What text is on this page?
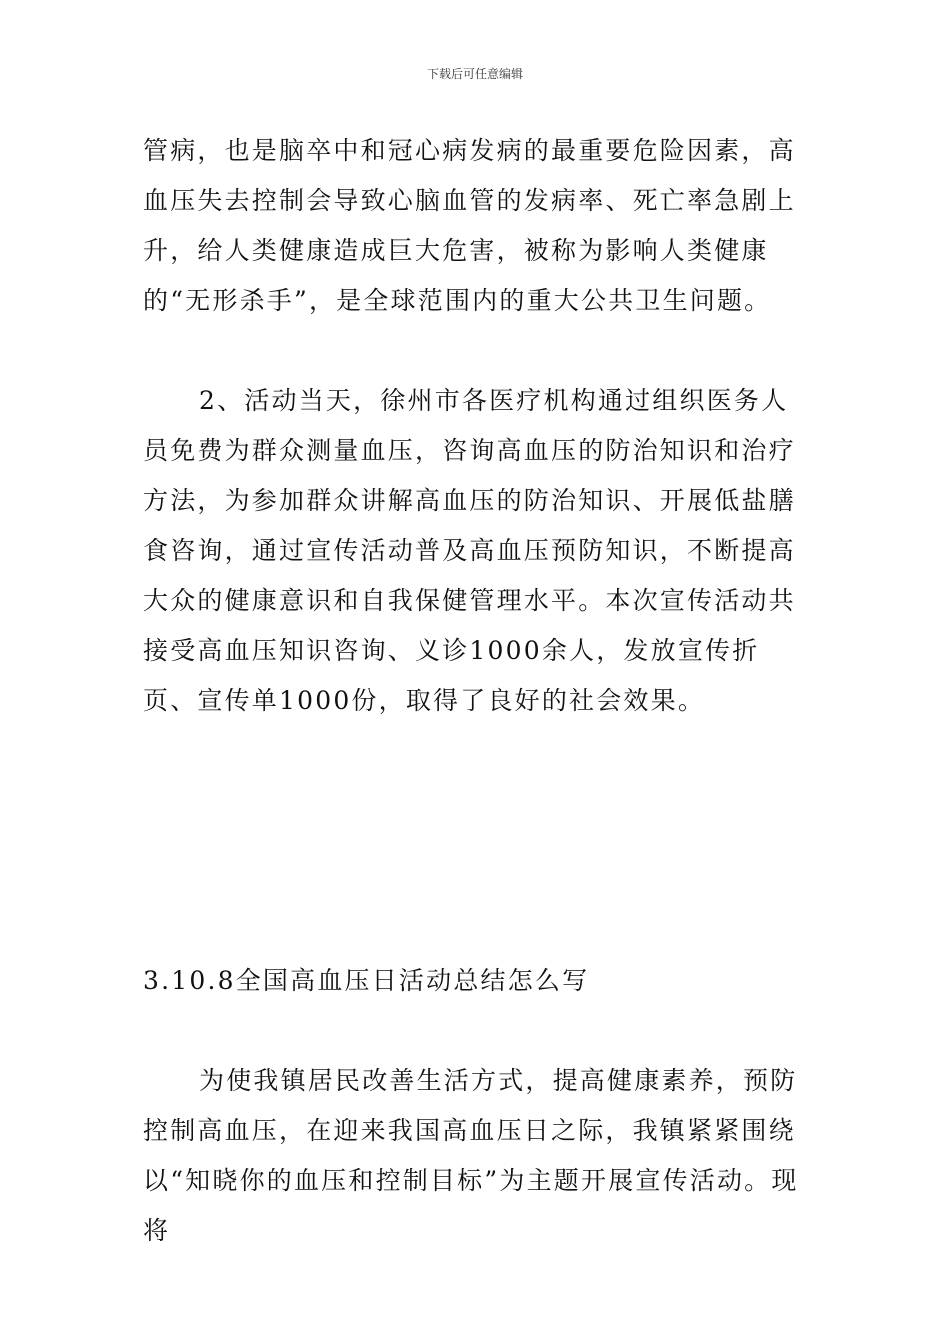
下载后可任意编辑

管病，也是脑卒中和冠心病发病的最重要危险因素，高血压失去控制会导致心脑血管的发病率、死亡率急剧上升，给人类健康造成巨大危害，被称为影响人类健康的“无形杀手”，是全球范围内的重大公共卫生问题。

2、活动当天，徐州市各医疗机构通过组织医务人员免费为群众测量血压，咨询高血压的防治知识和治疗方法，为参加群众讲解高血压的防治知识、开展低盐膳食咨询，通过宣传活动普及高血压预防知识，不断提高大众的健康意识和自我保健管理水平。本次宣传活动共接受高血压知识咨询、义诊1000余人，发放宣传折页、宣传单1000份，取得了良好的社会效果。

3.10.8全国高血压日活动总结怎么写

为使我镇居民改善生活方式，提高健康素养，预防控制高血压，在迎来我国高血压日之际，我镇紧紧围绕以“知晓你的血压和控制目标”为主题开展宣传活动。现将
